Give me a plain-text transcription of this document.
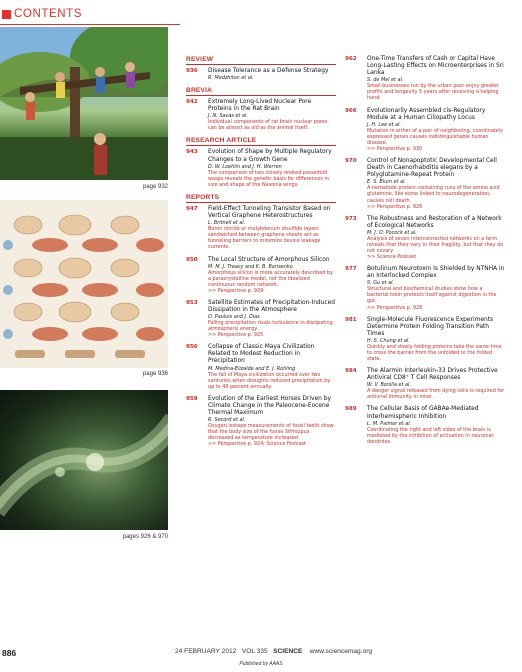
CONTENTS
page 932
page 936
pages 926 & 970
REVIEW
936 Disease Tolerance as a Defense Strategy
R. Medzhitov et al.
BREVIA
942 Extremely Long-Lived Nuclear Pore Proteins in the Rat Brain
J. N. Savas et al.
Individual components of rat brain nuclear pores can be almost as old as the animal itself.
RESEARCH ARTICLE
943 Evolution of Shape by Multiple Regulatory Changes to a Growth Gene
D. W. Loehlin and J. H. Werren
The comparison of two closely related parasitoid wasps reveals the genetic basis for differences in size and shape of the Nasonia wings.
REPORTS
947 Field-Effect Tunneling Transistor Based on Vertical Graphene Heterostructures
L. Britnell et al.
Boron nitride or molybdenum disulfide layers sandwiched between graphene sheets act as tunneling barriers to minimize device leakage currents.
950 The Local Structure of Amorphous Silicon
M. M. J. Treacy and K. B. Borisenko
Amorphous silicon is more accurately described by a paracrystalline model, not the idealized continuous random network.
>> Perspective p. 929
953 Satellite Estimates of Precipitation-Induced Dissipation in the Atmosphere
O. Pauluis and J. Dias
Falling precipitation rivals turbulence in dissipating atmospheric energy.
>> Perspective p. 925
956 Collapse of Classic Maya Civilization Related to Modest Reduction in Precipitation
M. Medina-Elizalde and E. J. Rohling
The fall of Maya civilization occurred over two centuries when droughts reduced precipitation by up to 40 percent annually.
959 Evolution of the Earliest Horses Driven by Climate Change in the Paleocene-Eocene Thermal Maximum
R. Secord et al.
Oxygen isotope measurements of fossil teeth show that the body size of the horse Sifrhippus decreased as temperature increased.
>> Perspective p. 924; Science Podcast
962 One-Time Transfers of Cash or Capital Have Long-Lasting Effects on Microenterprises in Sri Lanka
S. de Mel et al.
Small businesses run by the urban poor enjoy greater profits and longevity 5 years after receiving a helping hand.
966 Evolutionarily Assembled cis-Regulatory Module at a Human Ciliopathy Locus
J. H. Lee et al.
Mutation in either of a pair of neighboring, coordinately expressed genes causes indistinguishable human disease.
>> Perspective p. 930
970 Control of Nonapoptotic Developmental Cell Death in Caenorhabditis elegans by a Polyglutamine-Repeat Protein
E. S. Blum et al.
A nematode protein containing runs of the amino acid glutamine, like some linked to neurodegeneration, causes cell death.
>> Perspective p. 926
973 The Robustness and Restoration of a Network of Ecological Networks
M. J. O. Pocock et al.
Analysis of seven interconnected networks on a farm reveals that they vary in their fragility, but that they do not covary.
>> Science Podcast
977 Botulinum Neurotoxin Is Shielded by NTNHA in an Interlocked Complex
S. Gu et al.
Structural and biochemical studies show how a bacterial toxin protects itself against digestion in the gut.
>> Perspective p. 928
981 Single-Molecule Fluorescence Experiments Determine Protein Folding Transition Path Times
H. S. Chung et al.
Quickly and slowly folding proteins take the same time to cross the barrier from the unfolded to the folded state.
984 The Alarmin Interleukin-33 Drives Protective Antiviral CD8⁺ T Cell Responses
W. V. Bonilla et al.
A danger signal released from dying cells is required for antiviral immunity in mice.
989 The Cellular Basis of GABAʙ-Mediated Interhemispheric Inhibition
L. M. Palmer et al.
Coordinating the right and left sides of the brain is mediated by the inhibition of activation in neuronal dendrites.
886	24 FEBRUARY 2012 VOL 335 SCIENCE www.sciencemag.org
Published by AAAS
